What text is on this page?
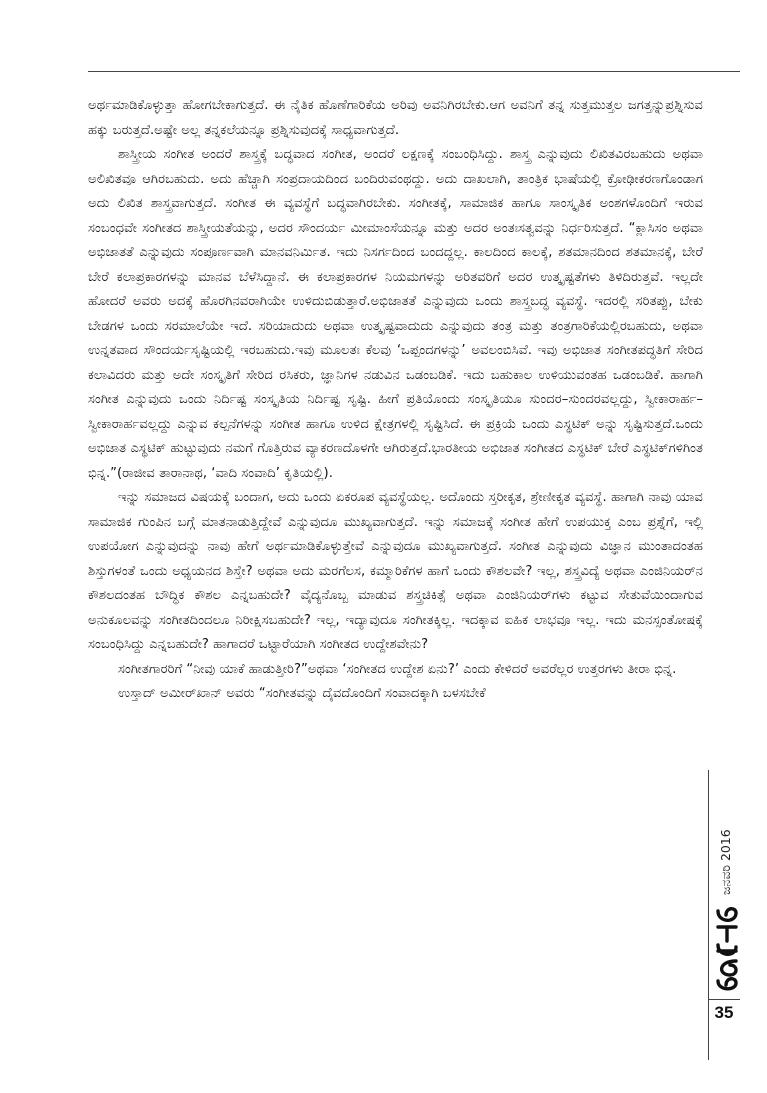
ಅರ್ಥಮಾಡಿಕೊಳ್ಳುತ್ತಾ ಹೋಗಬೇಕಾಗುತ್ತದೆ. ಈ ನೈತಿಕ ಹೊಣೆಗಾರಿಕೆಯ ಅರಿವು ಅವನಿಗಿರಬೇಕು.ಆಗ ಅವನಿಗೆ ತನ್ನ ಸುತ್ತಮುತ್ತಲ ಜಗತ್ತನ್ನುಪ್ರಶ್ನಿಸುವ ಹಕ್ಕು ಬರುತ್ತದೆ.ಅಷ್ಟೇ ಅಲ್ಲ ತನ್ನಕಲೆಯನ್ನೂ ಪ್ರಶ್ನಿಸುವುದಕ್ಕೆ ಸಾಧ್ಯವಾಗುತ್ತದೆ.

ಶಾಸ್ತ್ರೀಯ ಸಂಗೀತ ಅಂದರೆ ಶಾಸ್ತ್ರಕ್ಕೆ ಬದ್ಧವಾದ ಸಂಗೀತ, ಅಂದರೆ ಲಕ್ಷಣಕ್ಕೆ ಸಂಬಂಧಿಸಿದ್ದು. ಶಾಸ್ತ್ರ ಎನ್ನುವುದು ಲಿಖಿತವಿರಬಹುದು ಅಥವಾ ಅಲಿಖಿತವೂ ಆಗಿರಬಹುದು. ಅದು ಹೆಚ್ಚಾಗಿ ಸಂಪ್ರದಾಯದಿಂದ ಬಂದಿರುವಂಥದ್ದು. ಅದು ದಾಖಲಾಗಿ, ತಾಂತ್ರಿಕ ಭಾಷೆಯಲ್ಲಿ ಕ್ರೋಢೀಕರಣಗೊಂಡಾಗ ಅದು ಲಿಖಿತ ಶಾಸ್ತ್ರವಾಗುತ್ತದೆ. ಸಂಗೀತ ಈ ವ್ಯವಸ್ಥೆಗೆ ಬದ್ಧವಾಗಿರಬೇಕು. ಸಂಗೀತಕ್ಕೆ, ಸಾಮಾಜಿಕ ಹಾಗೂ ಸಾಂಸ್ಕೃತಿಕ ಅಂಶಗಳೊಂದಿಗೆ ಇರುವ ಸಂಬಂಧವೇ ಸಂಗೀತದ ಶಾಸ್ತ್ರೀಯತೆಯನ್ನು, ಅದರ ಸೌಂದರ್ಯ ಮೀಮಾಂಸೆಯನ್ನೂ ಮತ್ತು ಅದರ ಅಂತಃಸತ್ವವನ್ನು ನಿರ್ಧರಿಸುತ್ತದೆ. “ಕ್ಲಾಸಿಸಂ ಅಥವಾ ಅಭಿಜಾತತೆ ಎನ್ನುವುದು ಸಂಪೂರ್ಣವಾಗಿ ಮಾನವನಿರ್ಮಿತ. ಇದು ನಿಸರ್ಗದಿಂದ ಬಂದದ್ದಲ್ಲ. ಕಾಲದಿಂದ ಕಾಲಕ್ಕೆ, ಶತಮಾನದಿಂದ ಶತಮಾನಕ್ಕೆ, ಬೇರೆ ಬೇರೆ ಕಲಾಪ್ರಕಾರಗಳನ್ನು ಮಾನವ ಬೆಳೆಸಿದ್ದಾನೆ. ಈ ಕಲಾಪ್ರಕಾರಗಳ ನಿಯಮಗಳನ್ನು ಅರಿತವರಿಗೆ ಅದರ ಉತ್ಕೃಷ್ಟತೆಗಳು ತಿಳಿದಿರುತ್ತವೆ. ಇಲ್ಲದೇ ಹೋದರೆ ಅವರು ಅದಕ್ಕೆ ಹೊರಗಿನವರಾಗಿಯೇ ಉಳಿದುಬಿಡುತ್ತಾರೆ.ಅಭಿಜಾತತೆ ಎನ್ನುವುದು ಒಂದು ಶಾಸ್ತ್ರಬದ್ಧ ವ್ಯವಸ್ಥೆ. ಇದರಲ್ಲಿ ಸರಿತಪ್ಪು, ಬೇಕು ಬೇಡಗಳ ಒಂದು ಸರಮಾಲೆಯೇ ಇದೆ. ಸರಿಯಾದುದು ಅಥವಾ ಉತ್ಕೃಷ್ಟವಾದುದು ಎನ್ನುವುದು ತಂತ್ರ ಮತ್ತು ತಂತ್ರಗಾರಿಕೆಯಲ್ಲಿರಬಹುದು, ಅಥವಾ ಉನ್ನತವಾದ ಸೌಂದರ್ಯಸೃಷ್ಟಿಯಲ್ಲಿ ಇರಬಹುದು.ಇವು ಮೂಲತಃ ಕೆಲವು ‘ಒಪ್ಪಂದಗಳನ್ನು’ ಅವಲಂಬಿಸಿವೆ. ಇವು ಅಭಿಜಾತ ಸಂಗೀತಪದ್ಧತಿಗೆ ಸೇರಿದ ಕಲಾವಿದರು ಮತ್ತು ಅದೇ ಸಂಸ್ಕೃತಿಗೆ ಸೇರಿದ ರಸಿಕರು, ಜ್ಞಾನಿಗಳ ನಡುವಿನ ಒಡಂಬಡಿಕೆ. ಇದು ಬಹುಕಾಲ ಉಳಿಯುವಂತಹ ಒಡಂಬಡಿಕೆ. ಹಾಗಾಗಿ ಸಂಗೀತ ಎನ್ನುವುದು ಒಂದು ನಿರ್ದಿಷ್ಟ ಸಂಸ್ಕೃತಿಯ ನಿರ್ದಿಷ್ಟ ಸೃಷ್ಟಿ. ಹೀಗೆ ಪ್ರತಿಯೊಂದು ಸಂಸ್ಕೃತಿಯೂ ಸುಂದರ–ಸುಂದರವಲ್ಲದ್ದು, ಸ್ವೀಕಾರಾರ್ಹ– ಸ್ವೀಕಾರಾರ್ಹವಲ್ಲದ್ದು ಎನ್ನುವ ಕಲ್ಪನೆಗಳನ್ನು ಸಂಗೀತ ಹಾಗೂ ಉಳಿದ ಕ್ಷೇತ್ರಗಳಲ್ಲಿ ಸೃಷ್ಟಿಸಿದೆ. ಈ ಪ್ರಕ್ರಿಯೆ ಒಂದು ಎಸ್ಥಟಿಕ್ ಅನ್ನು ಸೃಷ್ಟಿಸುತ್ತದೆ.ಒಂದು ಅಭಿಜಾತ ಎಸ್ಥಟಿಕ್ ಹುಟ್ಟುವುದು ನಮಗೆ ಗೊತ್ತಿರುವ ವ್ಯಾಕರಣದೊಳಗೇ ಆಗಿರುತ್ತದೆ.ಭಾರತೀಯ ಅಭಿಜಾತ ಸಂಗೀತದ ಎಸ್ಥಟಿಕ್ ಬೇರೆ ಎಸ್ಥಟಿಕ್‌ಗಳಿಗಿಂತ ಭಿನ್ನ.”(ರಾಜೀವ ತಾರಾನಾಥ, ‘ವಾದಿ ಸಂವಾದಿ’ ಕೃತಿಯಲ್ಲಿ).

ಇನ್ನು ಸಮಾಜದ ವಿಷಯಕ್ಕೆ ಬಂದಾಗ, ಅದು ಒಂದು ಏಕರೂಪ ವ್ಯವಸ್ಥೆಯಲ್ಲ. ಅದೊಂದು ಸ್ತರೀಕೃತ, ಶ್ರೇಣೀಕೃತ ವ್ಯವಸ್ಥೆ. ಹಾಗಾಗಿ ನಾವು ಯಾವ ಸಾಮಾಜಿಕ ಗುಂಪಿನ ಬಗ್ಗೆ ಮಾತನಾಡುತ್ತಿದ್ದೇವೆ ಎನ್ನುವುದೂ ಮುಖ್ಯವಾಗುತ್ತದೆ. ಇನ್ನು ಸಮಾಜಕ್ಕೆ ಸಂಗೀತ ಹೇಗೆ ಉಪಯುಕ್ತ ಎಂಬ ಪ್ರಶ್ನೆಗೆ, ಇಲ್ಲಿ ಉಪಯೋಗ ಎನ್ನುವುದನ್ನು ನಾವು ಹೇಗೆ ಅರ್ಥಮಾಡಿಕೊಳ್ಳುತ್ತೇವೆ ಎನ್ನುವುದೂ ಮುಖ್ಯವಾಗುತ್ತದೆ. ಸಂಗೀತ ಎನ್ನುವುದು ವಿಜ್ಞಾನ ಮುಂತಾದಂತಹ ಶಿಸ್ತುಗಳಂತೆ ಒಂದು ಅಧ್ಯಯನದ ಶಿಸ್ತೇ? ಅಥವಾ ಅದು ಮರಗೆಲಸ, ಕಮ್ಮಾರಿಕೆಗಳ ಹಾಗೆ ಒಂದು ಕೌಶಲವೇ? ಇಲ್ಲ, ಶಸ್ತ್ರವಿದ್ಯೆ ಅಥವಾ ಎಂಜಿನಿಯರ್‌ನ ಕೌಶಲದಂತಹ ಬೌದ್ಧಿಕ ಕೌಶಲ ಎನ್ನಬಹುದೇ? ವೈದ್ಯನೊಬ್ಬ ಮಾಡುವ ಶಸ್ತ್ರಚಿಕಿತ್ಸೆ ಅಥವಾ ಎಂಜಿನಿಯರ್‌ಗಳು ಕಟ್ಟುವ ಸೇತುವೆಯಿಂದಾಗುವ ಅನುಕೂಲವನ್ನು ಸಂಗೀತದಿಂದಲೂ ನಿರೀಕ್ಷಿಸಬಹುದೇ? ಇಲ್ಲ, ಇದ್ಯಾವುದೂ ಸಂಗೀತಕ್ಕಿಲ್ಲ. ಇದಕ್ಕಾವ ಐಹಿಕ ಲಾಭವೂ ಇಲ್ಲ. ಇದು ಮನಸ್ಸಂತೋಷಕ್ಕೆ ಸಂಬಂಧಿಸಿದ್ದು ಎನ್ನಬಹುದೇ? ಹಾಗಾದರೆ ಒಟ್ಟಾರೆಯಾಗಿ ಸಂಗೀತದ ಉದ್ದೇಶವೇನು?

ಸಂಗೀತಗಾರರಿಗೆ “ನೀವು ಯಾಕೆ ಹಾಡುತ್ತೀರಿ?”ಅಥವಾ ‘ಸಂಗೀತದ ಉದ್ದೇಶ ಏನು?’ ಎಂದು ಕೇಳಿದರೆ ಅವರೆಲ್ಲರ ಉತ್ತರಗಳು ತೀರಾ ಭಿನ್ನ.

ಉಸ್ತಾದ್ ಅಮೀರ್‌ಖಾನ್ ಅವರು “ಸಂಗೀತವನ್ನು ದೈವದೊಂದಿಗೆ ಸಂವಾದಕ್ಕಾಗಿ ಬಳಸಬೇಕೆ

ಜನವರಿ 2016
35
